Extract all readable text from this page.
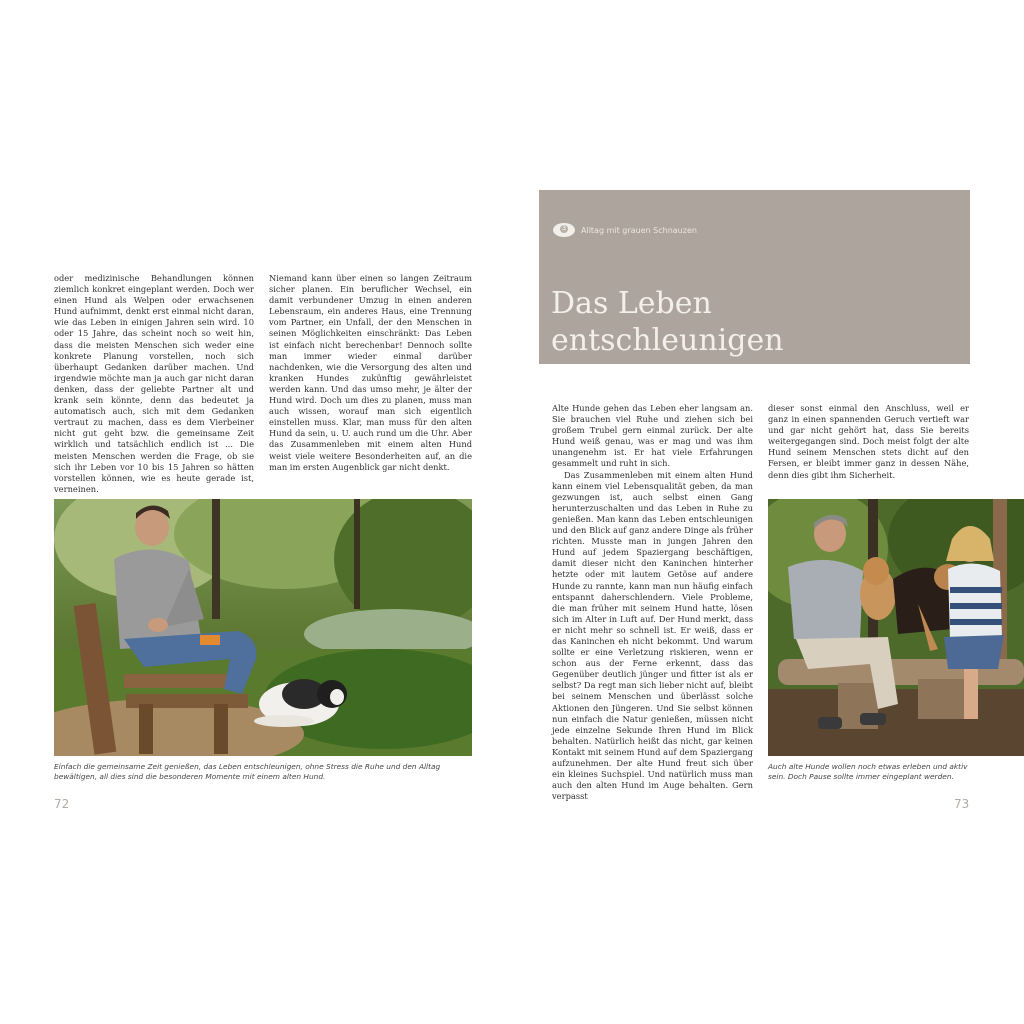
oder medizinische Behandlungen können ziemlich konkret eingeplant werden. Doch wer einen Hund als Welpen oder erwachsenen Hund aufnimmt, denkt erst einmal nicht daran, wie das Leben in einigen Jahren sein wird. 10 oder 15 Jahre, das scheint noch so weit hin, dass die meisten Menschen sich weder eine konkrete Planung vorstellen, noch sich überhaupt Gedanken darüber machen. Und irgendwie möchte man ja auch gar nicht daran denken, dass der geliebte Partner alt und krank sein könnte, denn das bedeutet ja automatisch auch, sich mit dem Gedanken vertraut zu machen, dass es dem Vierbeiner nicht gut geht bzw. die gemeinsame Zeit wirklich und tatsächlich endlich ist ... Die meisten Menschen werden die Frage, ob sie sich ihr Leben vor 10 bis 15 Jahren so hätten vorstellen können, wie es heute gerade ist, verneinen.

Niemand kann über einen so langen Zeitraum sicher planen. Ein beruflicher Wechsel, ein damit verbundener Umzug in einen anderen Lebensraum, ein anderes Haus, eine Trennung vom Partner, ein Unfall, der den Menschen in seinen Möglichkeiten einschränkt: Das Leben ist einfach nicht berechenbar! Dennoch sollte man immer wieder einmal darüber nachdenken, wie die Versorgung des alten und kranken Hundes zukünftig gewährleistet werden kann. Und das umso mehr, je älter der Hund wird. Doch um dies zu planen, muss man auch wissen, worauf man sich eigentlich einstellen muss. Klar, man muss für den alten Hund da sein, u. U. auch rund um die Uhr. Aber das Zusammenleben mit einem alten Hund weist viele weitere Besonderheiten auf, an die man im ersten Augenblick gar nicht denkt.

Einfach die gemeinsame Zeit genießen, das Leben entschleunigen, ohne Stress die Ruhe und den Alltag bewältigen, all dies sind die besonderen Momente mit einem alten Hund.
72
3 Alltag mit grauen Schnauzen
Das Leben
entschleunigen

Alte Hunde gehen das Leben eher langsam an. Sie brauchen viel Ruhe und ziehen sich bei großem Trubel gern einmal zurück. Der alte Hund weiß genau, was er mag und was ihm unangenehm ist. Er hat viele Erfahrungen gesammelt und ruht in sich.

Das Zusammenleben mit einem alten Hund kann einem viel Lebensqualität geben, da man gezwungen ist, auch selbst einen Gang herunterzuschalten und das Leben in Ruhe zu genießen. Man kann das Leben entschleunigen und den Blick auf ganz andere Dinge als früher richten. Musste man in jungen Jahren den Hund auf jedem Spaziergang beschäftigen, damit dieser nicht den Kaninchen hinterher hetzte oder mit lautem Getöse auf andere Hunde zu rannte, kann man nun häufig einfach entspannt daherschlendern. Viele Probleme, die man früher mit seinem Hund hatte, lösen sich im Alter in Luft auf. Der Hund merkt, dass er nicht mehr so schnell ist. Er weiß, dass er das Kaninchen eh nicht bekommt. Und warum sollte er eine Verletzung riskieren, wenn er schon aus der Ferne erkennt, dass das Gegenüber deutlich jünger und fitter ist als er selbst? Da regt man sich lieber nicht auf, bleibt bei seinem Menschen und überlässt solche Aktionen den Jüngeren. Und Sie selbst können nun einfach die Natur genießen, müssen nicht jede einzelne Sekunde Ihren Hund im Blick behalten. Natürlich heißt das nicht, gar keinen Kontakt mit seinem Hund auf dem Spaziergang aufzunehmen. Der alte Hund freut sich über ein kleines Suchspiel. Und natürlich muss man auch den alten Hund im Auge behalten. Gern verpasst

dieser sonst einmal den Anschluss, weil er ganz in einen spannenden Geruch vertieft war und gar nicht gehört hat, dass Sie bereits weitergegangen sind. Doch meist folgt der alte Hund seinem Menschen stets dicht auf den Fersen, er bleibt immer ganz in dessen Nähe, denn dies gibt ihm Sicherheit.

Auch alte Hunde wollen noch etwas erleben und aktiv sein. Doch Pause sollte immer eingeplant werden.
73
